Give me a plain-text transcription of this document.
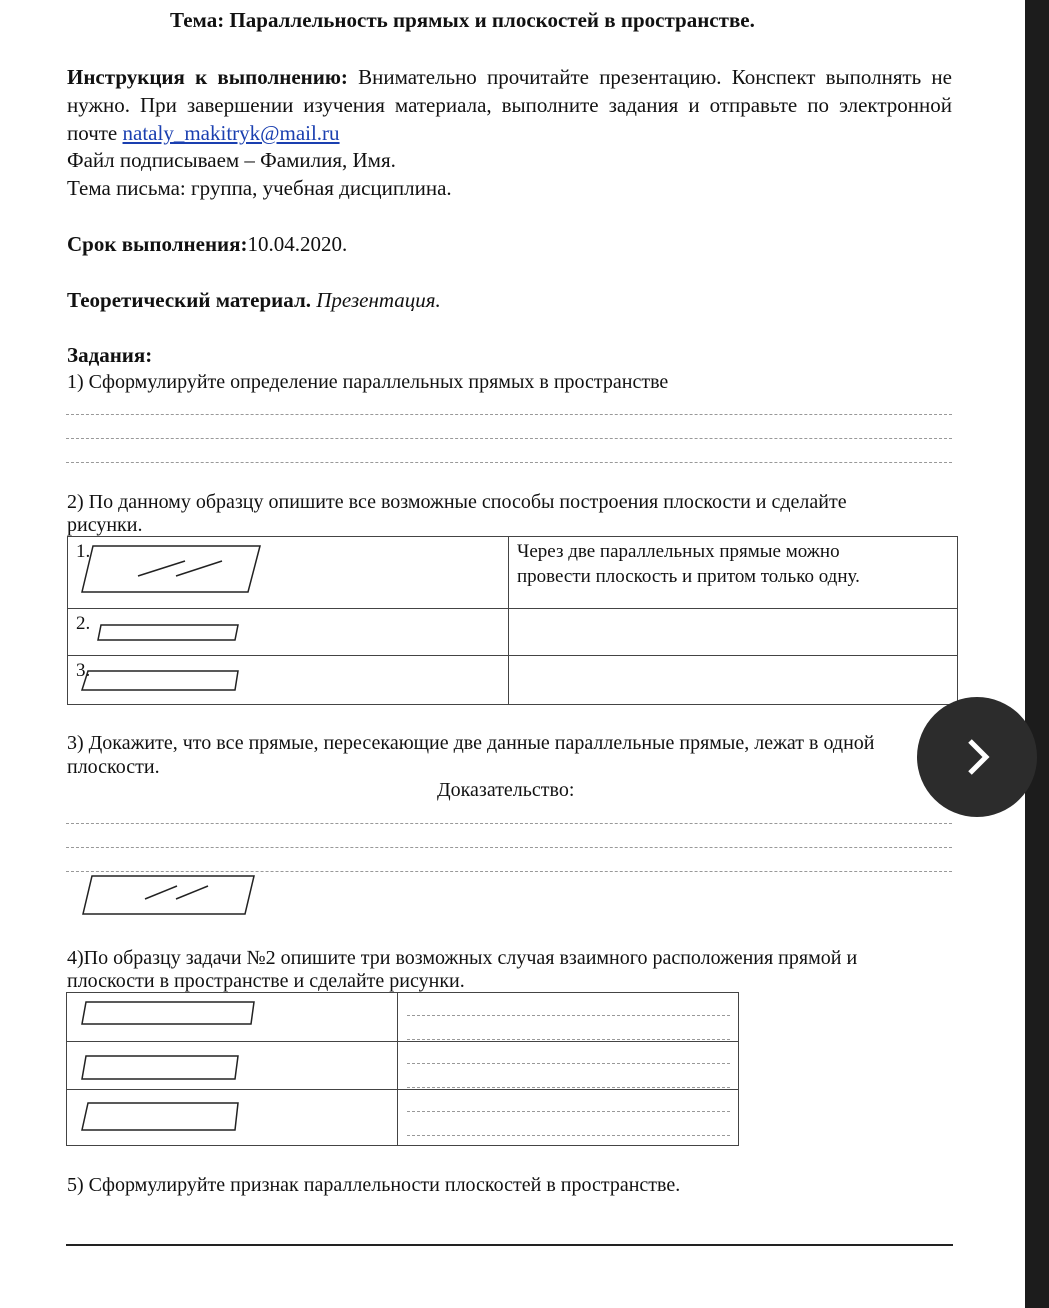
Тема: Параллельность прямых и плоскостей в пространстве.
Инструкция к выполнению: Внимательно прочитайте презентацию. Конспект выполнять не нужно. При завершении изучения материала, выполните задания и отправьте по электронной почте nataly_makitryk@mail.ru
Файл подписываем – Фамилия, Имя.
Тема письма: группа, учебная дисциплина.
Срок выполнения:10.04.2020.
Теоретический материал. Презентация.
Задания:
1) Сформулируйте определение параллельных прямых в пространстве
2) По данному образцу опишите все возможные способы построения плоскости и сделайте
рисунки.
1.	Через две параллельных прямые можно
провести плоскость и притом только одну.

2.	
3.	
3) Докажите, что все прямые, пересекающие две данные параллельные прямые, лежат в одной
плоскости.
Доказательство:
4)По образцу задачи №2 опишите три возможных случая взаимного расположения прямой и
плоскости в пространстве и сделайте рисунки.

5) Сформулируйте признак параллельности плоскостей в пространстве.
